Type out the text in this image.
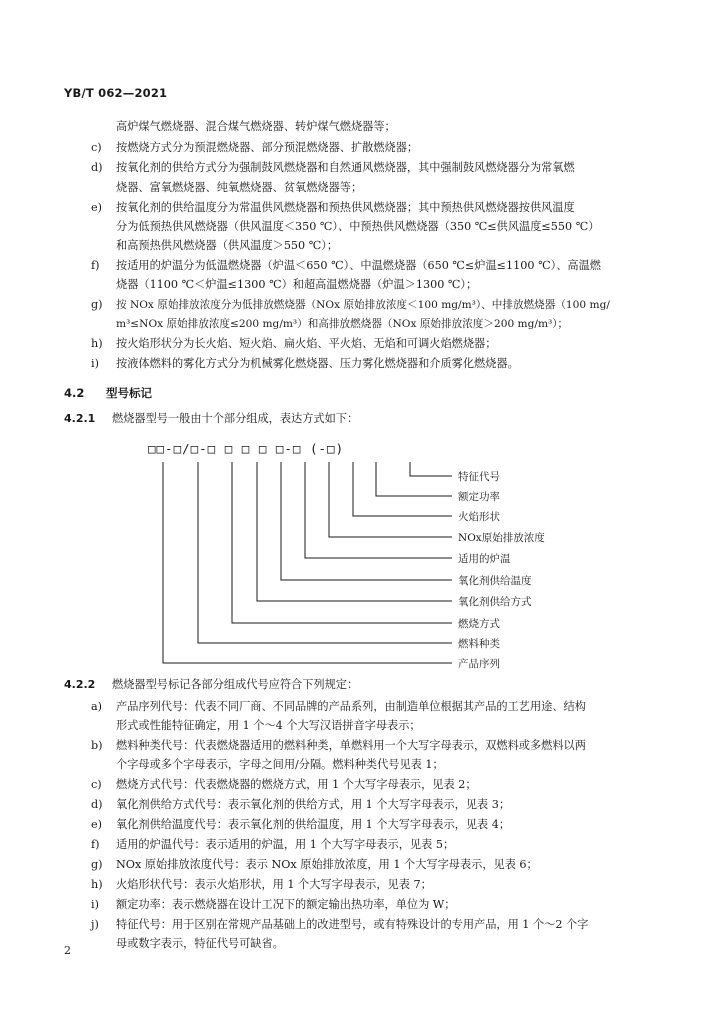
YB/T 062—2021
高炉煤气燃烧器、混合煤气燃烧器、转炉煤气燃烧器等；
c) 按燃烧方式分为预混燃烧器、部分预混燃烧器、扩散燃烧器；
d) 按氧化剂的供给方式分为强制鼓风燃烧器和自然通风燃烧器，其中强制鼓风燃烧器分为常氧燃
烧器、富氧燃烧器、纯氧燃烧器、贫氧燃烧器等；
e) 按氧化剂的供给温度分为常温供风燃烧器和预热供风燃烧器；其中预热供风燃烧器按供风温度
分为低预热供风燃烧器（供风温度＜350 ℃）、中预热供风燃烧器（350 ℃≤供风温度≤550 ℃）
和高预热供风燃烧器（供风温度＞550 ℃）；
f) 按适用的炉温分为低温燃烧器（炉温＜650 ℃）、中温燃烧器（650 ℃≤炉温≤1100 ℃）、高温燃
烧器（1100 ℃＜炉温≤1300 ℃）和超高温燃烧器（炉温＞1300 ℃）；
g) 按 NOx 原始排放浓度分为低排放燃烧器（NOx 原始排放浓度＜100 mg/m³）、中排放燃烧器（100 mg/
m³≤NOx 原始排放浓度≤200 mg/m³）和高排放燃烧器（NOx 原始排放浓度＞200 mg/m³）；
h) 按火焰形状分为长火焰、短火焰、扁火焰、平火焰、无焰和可调火焰燃烧器；
i) 按液体燃料的雾化方式分为机械雾化燃烧器、压力雾化燃烧器和介质雾化燃烧器。
4.2 型号标记
4.2.1 燃烧器型号一般由十个部分组成，表达方式如下：
□□-□/□-□ □ □ □ □-□ (-□)
特征代号
额定功率
火焰形状
NOx原始排放浓度
适用的炉温
氧化剂供给温度
氧化剂供给方式
燃烧方式
燃料种类
产品序列
4.2.2 燃烧器型号标记各部分组成代号应符合下列规定：
a) 产品序列代号：代表不同厂商、不同品牌的产品系列，由制造单位根据其产品的工艺用途、结构
形式或性能特征确定，用 1 个～4 个大写汉语拼音字母表示；
b) 燃料种类代号：代表燃烧器适用的燃料种类，单燃料用一个大写字母表示，双燃料或多燃料以两
个字母或多个字母表示，字母之间用/分隔。燃料种类代号见表 1；
c) 燃烧方式代号：代表燃烧器的燃烧方式，用 1 个大写字母表示，见表 2；
d) 氧化剂供给方式代号：表示氧化剂的供给方式，用 1 个大写字母表示，见表 3；
e) 氧化剂供给温度代号：表示氧化剂的供给温度，用 1 个大写字母表示，见表 4；
f) 适用的炉温代号：表示适用的炉温，用 1 个大写字母表示，见表 5；
g) NOx 原始排放浓度代号：表示 NOx 原始排放浓度，用 1 个大写字母表示，见表 6；
h) 火焰形状代号：表示火焰形状，用 1 个大写字母表示，见表 7；
i) 额定功率：表示燃烧器在设计工况下的额定输出热功率，单位为 W；
j) 特征代号：用于区别在常规产品基础上的改进型号，或有特殊设计的专用产品，用 1 个～2 个字
母或数字表示，特征代号可缺省。
2
